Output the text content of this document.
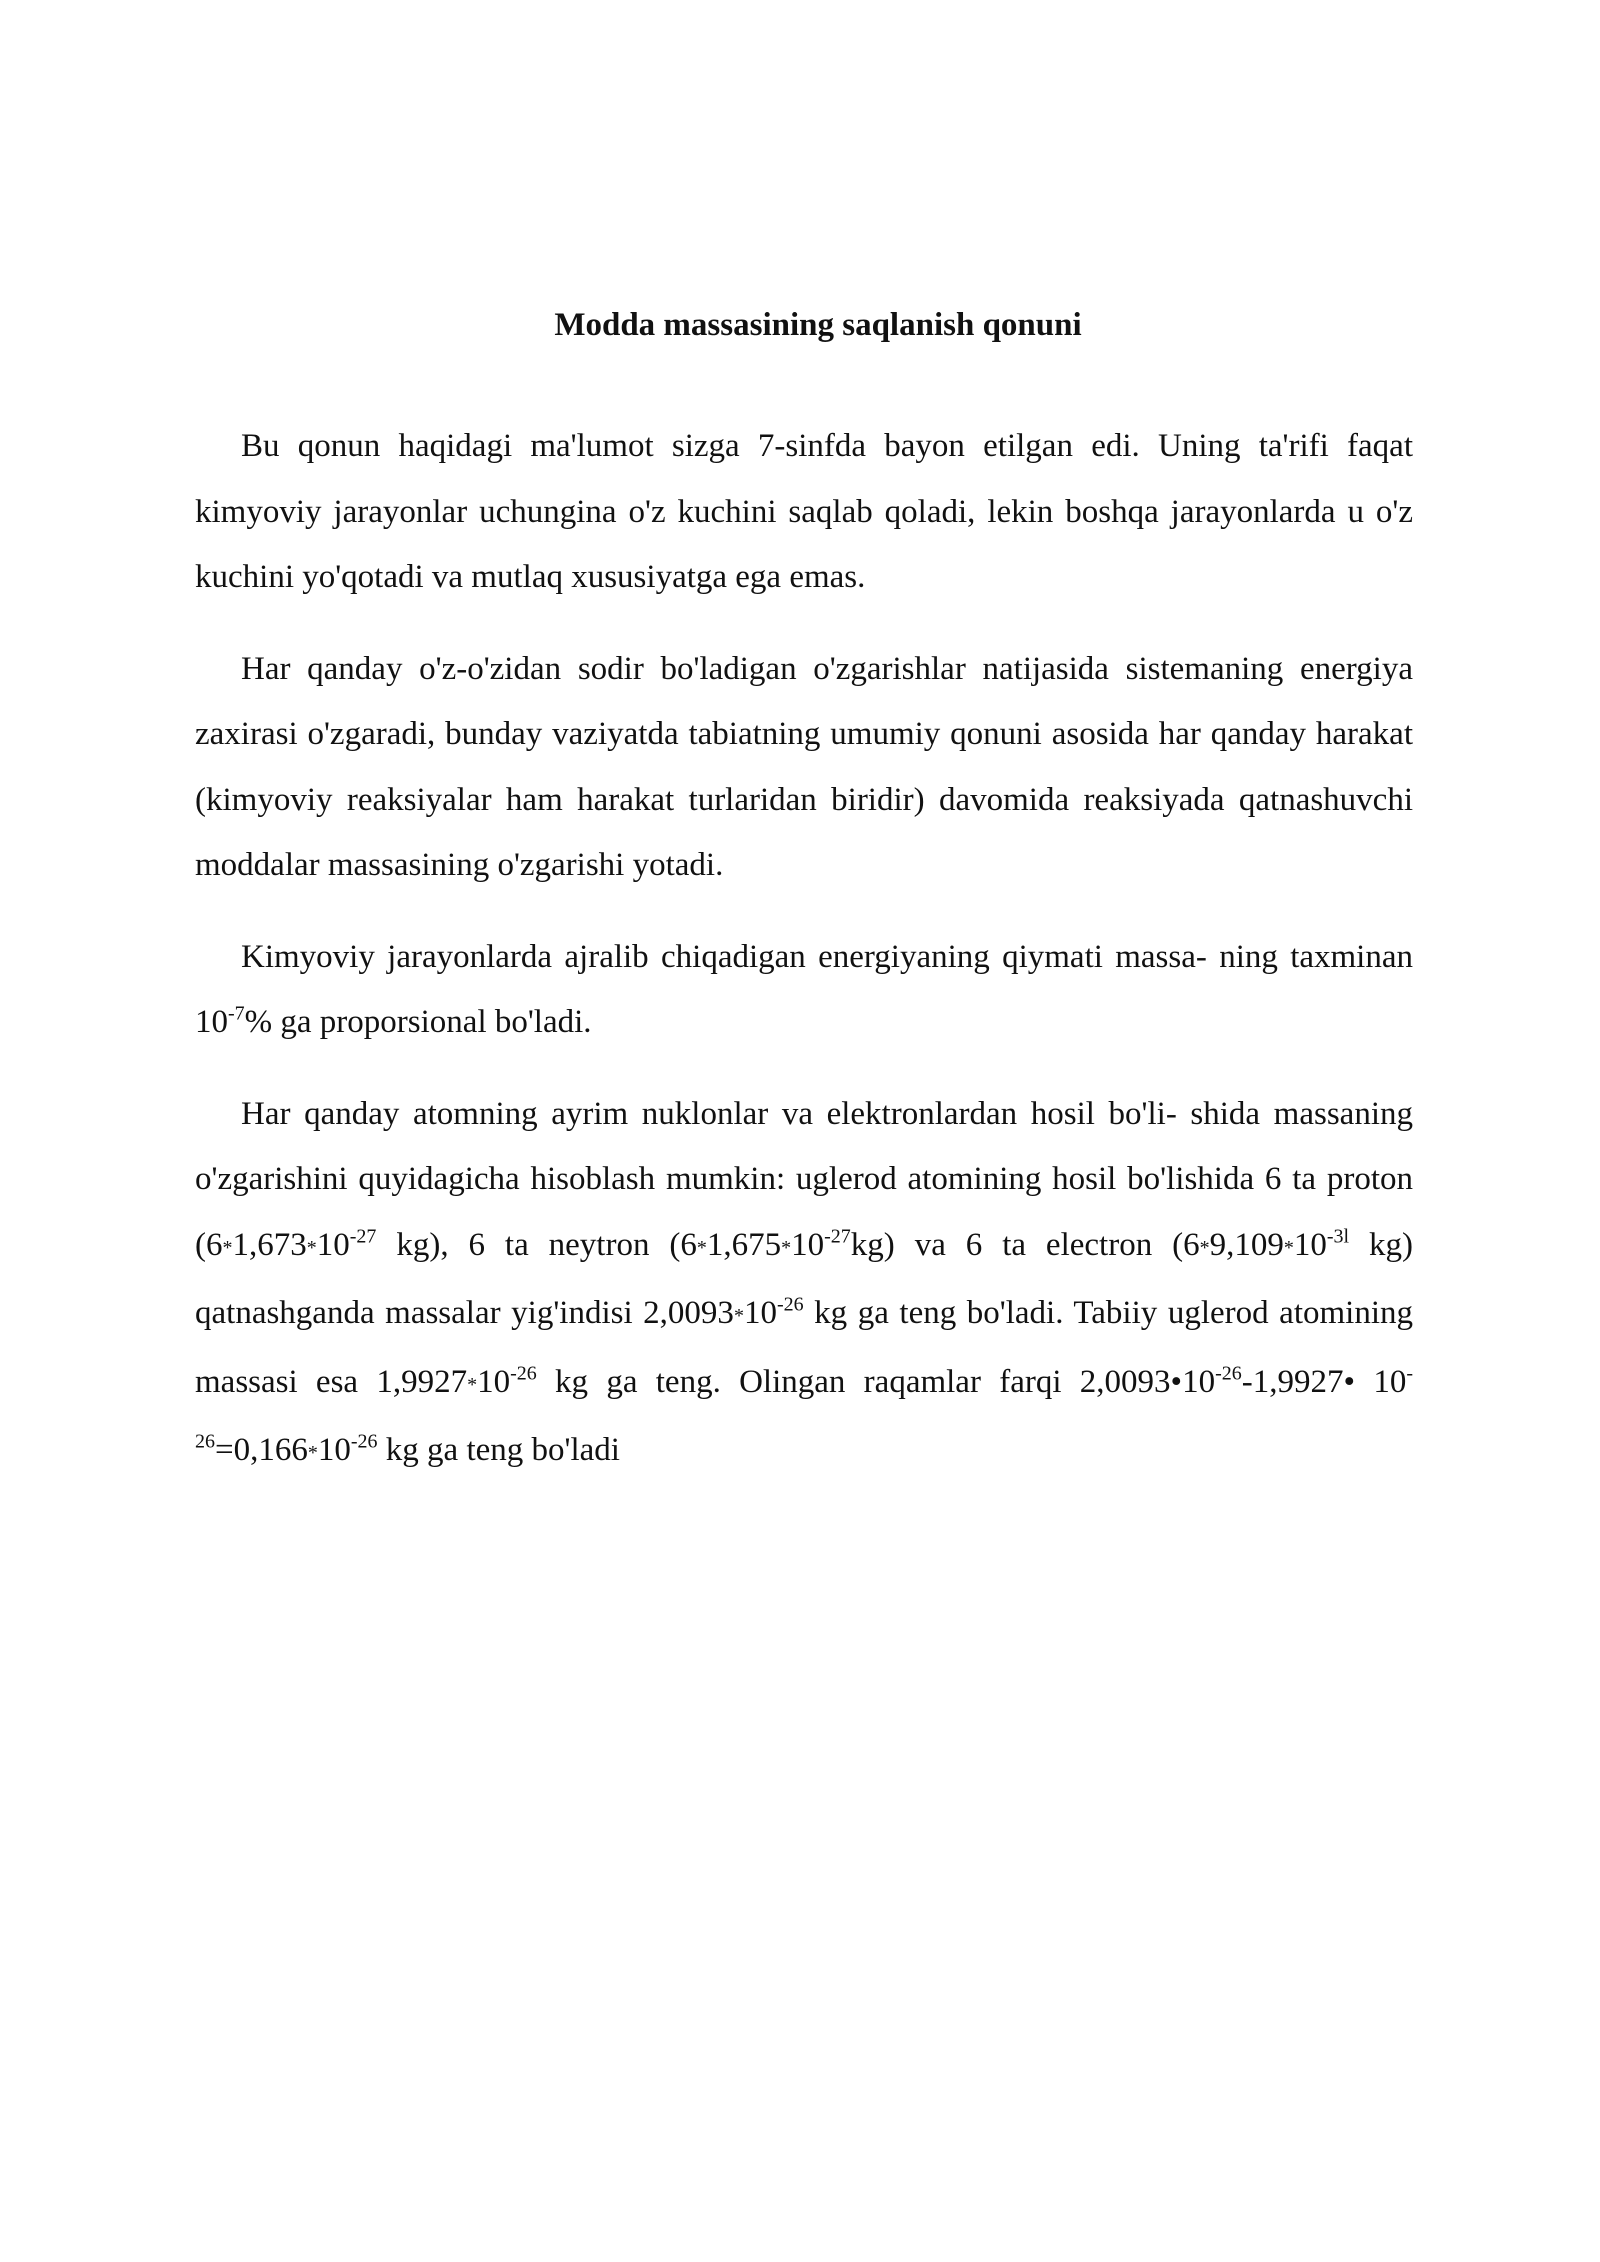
Modda massasining saqlanish qonuni

Bu qonun haqidagi ma'lumot sizga 7-sinfda bayon etilgan edi. Uning ta'rifi faqat kimyoviy jarayonlar uchungina o'z kuchini saqlab qoladi, lekin boshqa jarayonlarda u o'z kuchini yo'qotadi va mutlaq xususiyatga ega emas.

Har qanday o'z-o'zidan sodir bo'ladigan o'zgarishlar natijasida sistemaning energiya zaxirasi o'zgaradi, bunday vaziyatda tabiatning umumiy qonuni asosida har qanday harakat (kimyoviy reaksiyalar ham harakat turlaridan biridir) davomida reaksiyada qatnashuvchi moddalar massasining o'zgarishi yotadi.

Kimyoviy jarayonlarda ajralib chiqadigan energiyaning qiymati massa- ning taxminan $10^{-7}\%$ ga proporsional bo'ladi.

Har qanday atomning ayrim nuklonlar va elektronlardan hosil bo'li- shida massaning o'zgarishini quyidagicha hisoblash mumkin: uglerod atomining hosil bo'lishida 6 ta proton ($6*1,673*10^{-27}$ kg), 6 ta neytron $(6*1,675*10^{-27}kg)$ va 6 ta electron ($6*9,109*10^{-3l}$ kg) qatnashganda massalar yig'indisi $2,0093*10^{-26}$ kg ga teng bo'ladi. Tabiiy uglerod atomining massasi esa $1,9927*10^{-26}$ kg ga teng. Olingan raqamlar farqi $2,0093•10^{-26}-1,9927•$ $10^{-26}=0,166*10^{-26}$ kg ga teng bo'ladi
